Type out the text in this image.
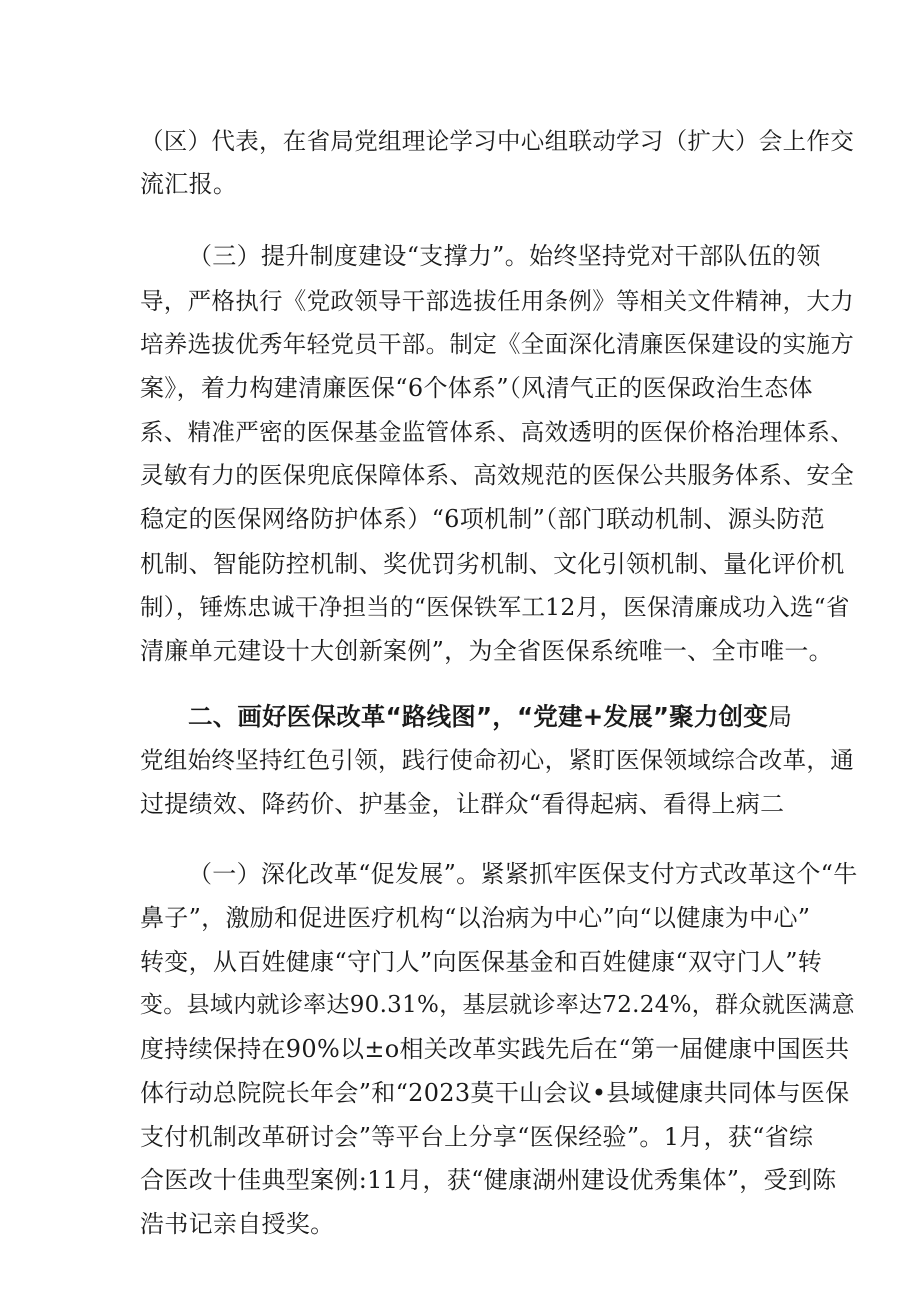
（区）代表，在省局党组理论学习中心组联动学习（扩大）会上作交
流汇报。
（三）提升制度建设“支撑力”。始终坚持党对干部队伍的领
导，严格执行《党政领导干部选拔任用条例》等相关文件精神，大力
培养选拔优秀年轻党员干部。制定《全面深化清廉医保建设的实施方
案》，着力构建清廉医保“6个体系”（风清气正的医保政治生态体
系、精准严密的医保基金监管体系、高效透明的医保价格治理体系、
灵敏有力的医保兜底保障体系、高效规范的医保公共服务体系、安全
稳定的医保网络防护体系）“6项机制”（部门联动机制、源头防范
机制、智能防控机制、奖优罚劣机制、文化引领机制、量化评价机
制），锤炼忠诚干净担当的“医保铁军工12月，医保清廉成功入选“省
清廉单元建设十大创新案例”，为全省医保系统唯一、全市唯一。
二、画好医保改革“路线图”，“党建+发展”聚力创变局
党组始终坚持红色引领，践行使命初心，紧盯医保领域综合改革，通
过提绩效、降药价、护基金，让群众“看得起病、看得上病二
（一）深化改革“促发展”。紧紧抓牢医保支付方式改革这个“牛
鼻子”，激励和促进医疗机构“以治病为中心”向“以健康为中心”
转变，从百姓健康“守门人”向医保基金和百姓健康“双守门人”转
变。县域内就诊率达90.31%，基层就诊率达72.24%，群众就医满意
度持续保持在90%以±o相关改革实践先后在“第一届健康中国医共
体行动总院院长年会”和“2023莫干山会议•县域健康共同体与医保
支付机制改革研讨会”等平台上分享“医保经验”。1月，获“省综
合医改十佳典型案例:11月，获“健康湖州建设优秀集体”，受到陈
浩书记亲自授奖。
